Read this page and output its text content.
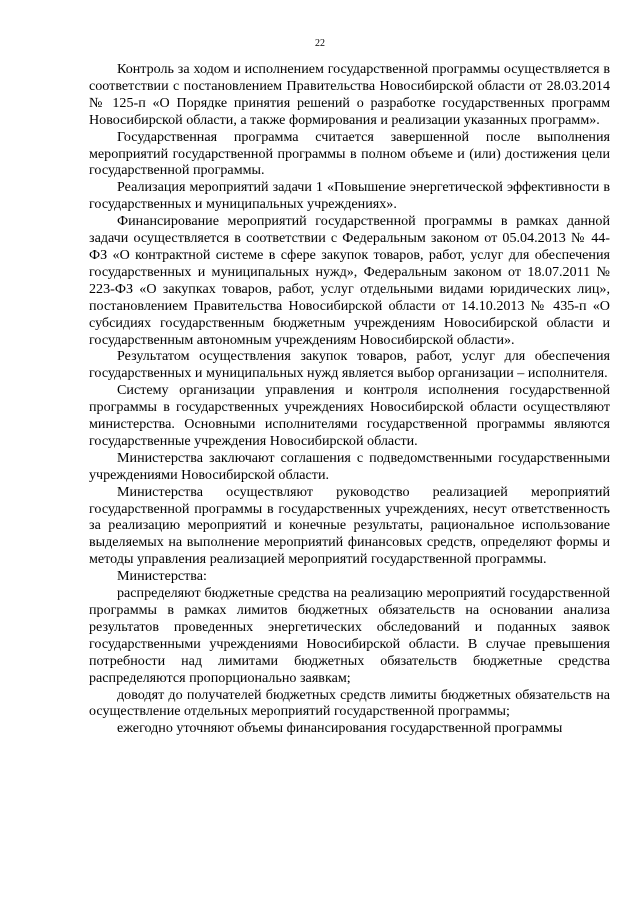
22

Контроль за ходом и исполнением государственной программы осуществляется в соответствии с постановлением Правительства Новосибирской области от 28.03.2014 № 125-п «О Порядке принятия решений о разработке государственных программ Новосибирской области, а также формирования и реализации указанных программ».

Государственная программа считается завершенной после выполнения мероприятий государственной программы в полном объеме и (или) достижения цели государственной программы.

Реализация мероприятий задачи 1 «Повышение энергетической эффективности в государственных и муниципальных учреждениях».

Финансирование мероприятий государственной программы в рамках данной задачи осуществляется в соответствии с Федеральным законом от 05.04.2013 № 44-ФЗ «О контрактной системе в сфере закупок товаров, работ, услуг для обеспечения государственных и муниципальных нужд», Федеральным законом от 18.07.2011 № 223-ФЗ «О закупках товаров, работ, услуг отдельными видами юридических лиц», постановлением Правительства Новосибирской области от 14.10.2013 № 435-п «О субсидиях государственным бюджетным учреждениям Новосибирской области и государственным автономным учреждениям Новосибирской области».

Результатом осуществления закупок товаров, работ, услуг для обеспечения государственных и муниципальных нужд является выбор организации – исполнителя.

Систему организации управления и контроля исполнения государственной программы в государственных учреждениях Новосибирской области осуществляют министерства. Основными исполнителями государственной программы являются государственные учреждения Новосибирской области.

Министерства заключают соглашения с подведомственными государственными учреждениями Новосибирской области.

Министерства осуществляют руководство реализацией мероприятий государственной программы в государственных учреждениях, несут ответственность за реализацию мероприятий и конечные результаты, рациональное использование выделяемых на выполнение мероприятий финансовых средств, определяют формы и методы управления реализацией мероприятий государственной программы.

Министерства:

распределяют бюджетные средства на реализацию мероприятий государственной программы в рамках лимитов бюджетных обязательств на основании анализа результатов проведенных энергетических обследований и поданных заявок государственными учреждениями Новосибирской области. В случае превышения потребности над лимитами бюджетных обязательств бюджетные средства распределяются пропорционально заявкам;

доводят до получателей бюджетных средств лимиты бюджетных обязательств на осуществление отдельных мероприятий государственной программы;

ежегодно уточняют объемы финансирования государственной программы
